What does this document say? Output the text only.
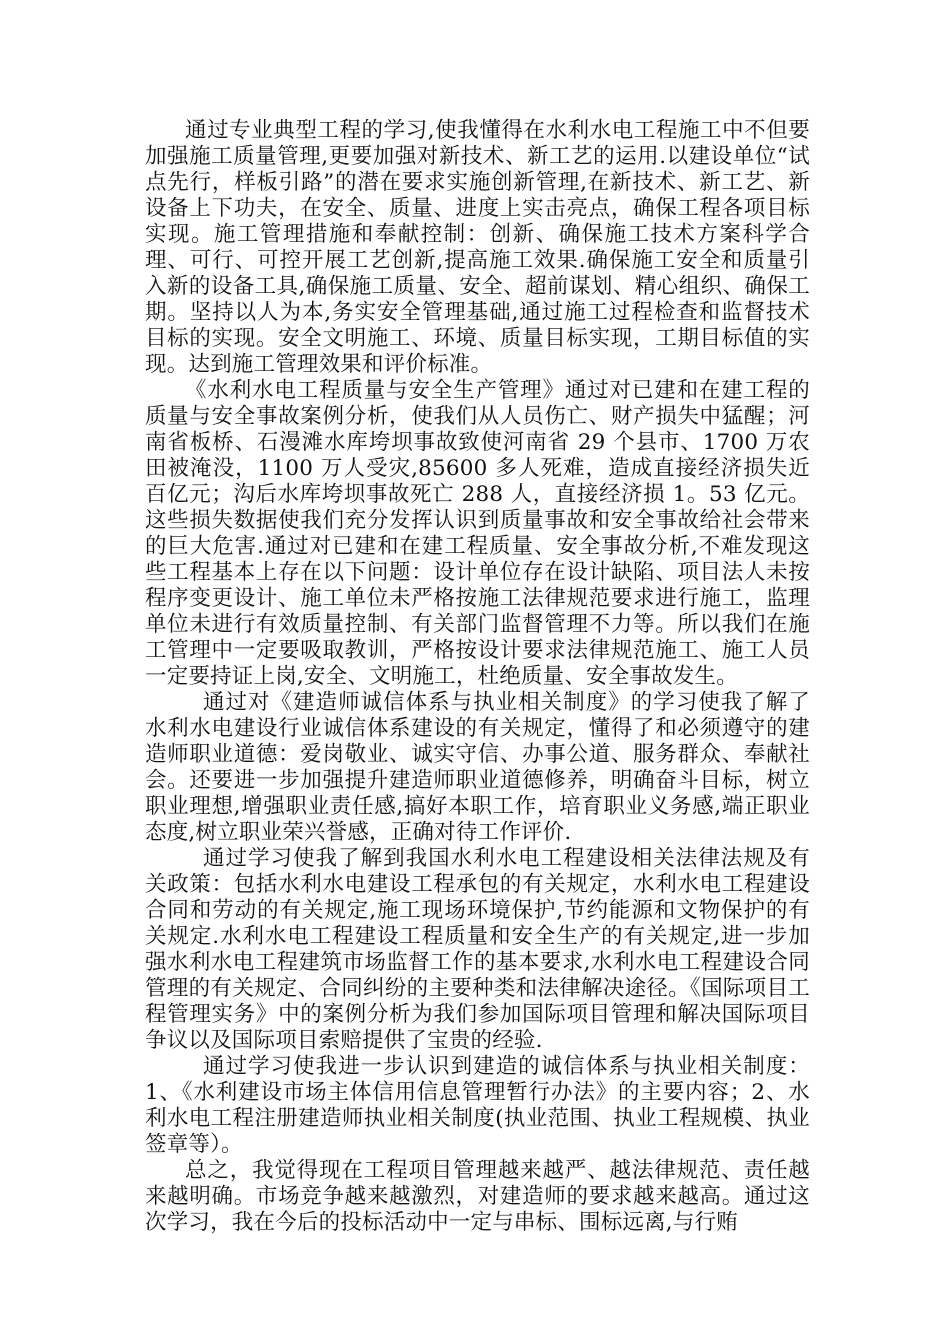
通过专业典型工程的学习,使我懂得在水利水电工程施工中不但要加强施工质量管理,更要加强对新技术、新工艺的运用.以建设单位“试点先行，样板引路”的潜在要求实施创新管理,在新技术、新工艺、新设备上下功夫，在安全、质量、进度上实击亮点，确保工程各项目标实现。施工管理措施和奉献控制：创新、确保施工技术方案科学合理、可行、可控开展工艺创新,提高施工效果.确保施工安全和质量引入新的设备工具,确保施工质量、安全、超前谋划、精心组织、确保工期。坚持以人为本,务实安全管理基础,通过施工过程检查和监督技术目标的实现。安全文明施工、环境、质量目标实现，工期目标值的实现。达到施工管理效果和评价标准。

《水利水电工程质量与安全生产管理》通过对已建和在建工程的质量与安全事故案例分析，使我们从人员伤亡、财产损失中猛醒；河南省板桥、石漫滩水库垮坝事故致使河南省 29 个县市、1700 万农田被淹没，1100 万人受灾,85600 多人死难，造成直接经济损失近百亿元；沟后水库垮坝事故死亡 288 人，直接经济损 1。53 亿元。这些损失数据使我们充分发挥认识到质量事故和安全事故给社会带来的巨大危害.通过对已建和在建工程质量、安全事故分析,不难发现这些工程基本上存在以下问题：设计单位存在设计缺陷、项目法人未按程序变更设计、施工单位未严格按施工法律规范要求进行施工，监理单位未进行有效质量控制、有关部门监督管理不力等。所以我们在施工管理中一定要吸取教训，严格按设计要求法律规范施工、施工人员一定要持证上岗,安全、文明施工，杜绝质量、安全事故发生。

通过对《建造师诚信体系与执业相关制度》的学习使我了解了水利水电建设行业诚信体系建设的有关规定，懂得了和必须遵守的建造师职业道德：爱岗敬业、诚实守信、办事公道、服务群众、奉献社会。还要进一步加强提升建造师职业道德修养，明确奋斗目标，树立职业理想,增强职业责任感,搞好本职工作，培育职业义务感,端正职业态度,树立职业荣兴誉感，正确对待工作评价.

通过学习使我了解到我国水利水电工程建设相关法律法规及有关政策：包括水利水电建设工程承包的有关规定，水利水电工程建设合同和劳动的有关规定,施工现场环境保护,节约能源和文物保护的有关规定.水利水电工程建设工程质量和安全生产的有关规定,进一步加强水利水电工程建筑市场监督工作的基本要求,水利水电工程建设合同管理的有关规定、合同纠纷的主要种类和法律解决途径。《国际项目工程管理实务》中的案例分析为我们参加国际项目管理和解决国际项目争议以及国际项目索赔提供了宝贵的经验.

通过学习使我进一步认识到建造的诚信体系与执业相关制度：1、《水利建设市场主体信用信息管理暂行办法》的主要内容；2、水利水电工程注册建造师执业相关制度(执业范围、执业工程规模、执业签章等）。

总之，我觉得现在工程项目管理越来越严、越法律规范、责任越来越明确。市场竞争越来越激烈，对建造师的要求越来越高。通过这次学习，我在今后的投标活动中一定与串标、围标远离,与行贿
